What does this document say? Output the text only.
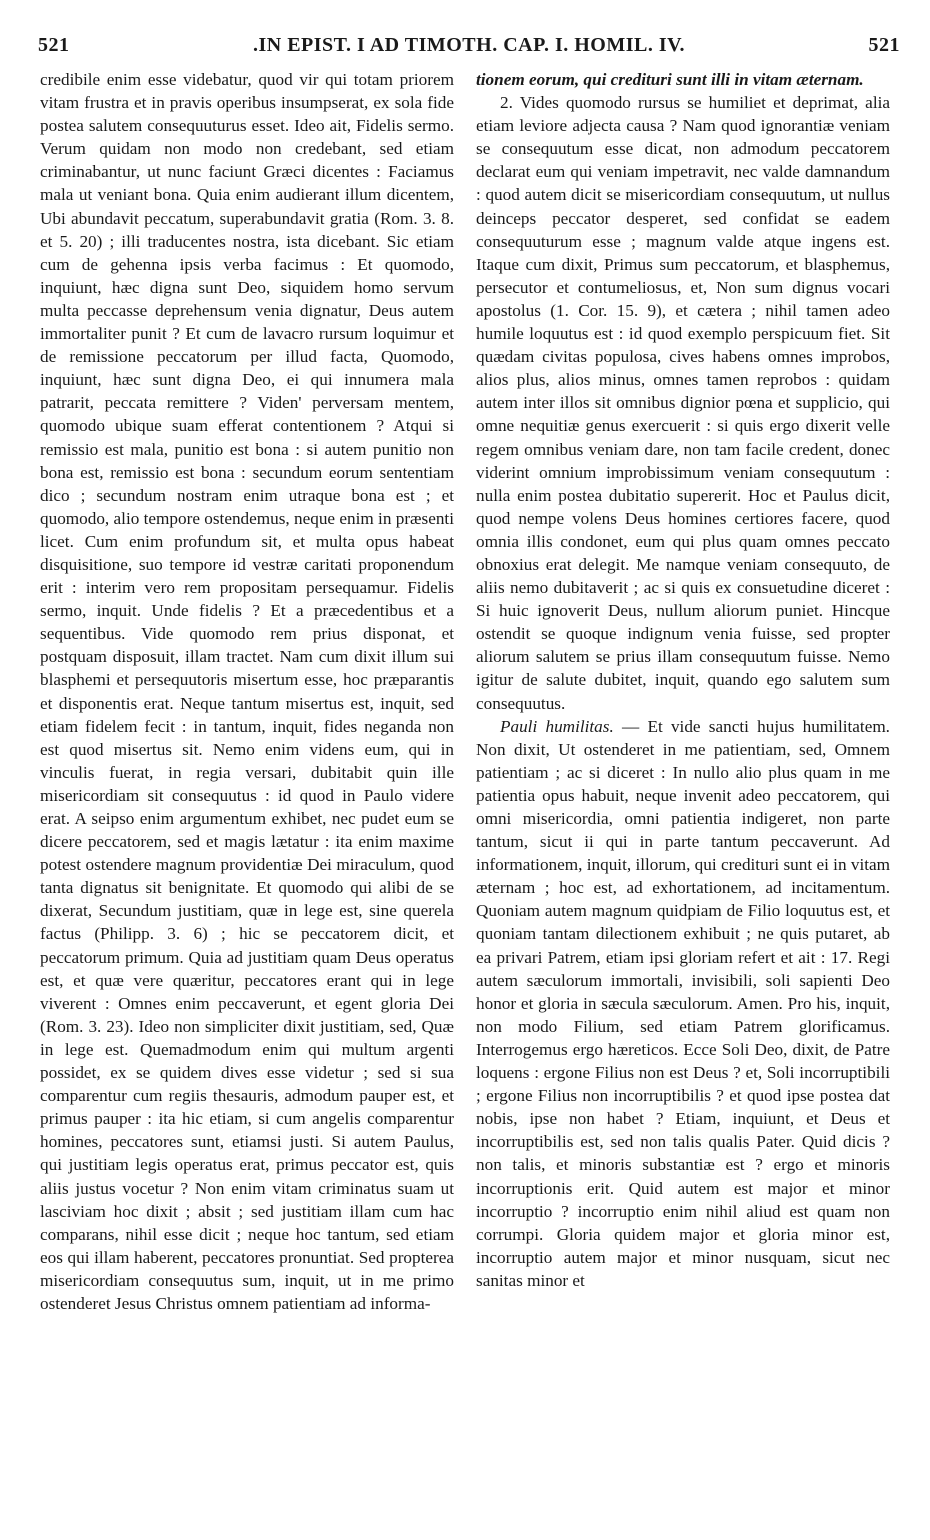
521	.IN EPIST. I AD TIMOTH. CAP. I. HOMIL. IV.	521

credibile enim esse videbatur, quod vir qui totam priorem vitam frustra et in pravis operibus insumpserat, ex sola fide postea salutem consequuturus esset. Ideo ait, Fidelis sermo. Verum quidam non modo non credebant, sed etiam criminabantur, ut nunc faciunt Græci dicentes : Faciamus mala ut veniant bona. Quia enim audierant illum dicentem, Ubi abundavit peccatum, superabundavit gratia (Rom. 3. 8. et 5. 20) ; illi traducentes nostra, ista dicebant. Sic etiam cum de gehenna ipsis verba facimus : Et quomodo, inquiunt, hæc digna sunt Deo, siquidem homo servum multa peccasse deprehensum venia dignatur, Deus autem immortaliter punit ? Et cum de lavacro rursum loquimur et de remissione peccatorum per illud facta, Quomodo, inquiunt, hæc sunt digna Deo, ei qui innumera mala patrarit, peccata remittere ? Viden' perversam mentem, quomodo ubique suam efferat contentionem ? Atqui si remissio est mala, punitio est bona : si autem punitio non bona est, remissio est bona : secundum eorum sententiam dico ; secundum nostram enim utraque bona est ; et quomodo, alio tempore ostendemus, neque enim in præsenti licet. Cum enim profundum sit, et multa opus habeat disquisitione, suo tempore id vestræ caritati proponendum erit : interim vero rem propositam persequamur. Fidelis sermo, inquit. Unde fidelis ? Et a præcedentibus et a sequentibus. Vide quomodo rem prius disponat, et postquam disposuit, illam tractet. Nam cum dixit illum sui blasphemi et persequutoris misertum esse, hoc præparantis et disponentis erat. Neque tantum misertus est, inquit, sed etiam fidelem fecit : in tantum, inquit, fides neganda non est quod misertus sit. Nemo enim videns eum, qui in vinculis fuerat, in regia versari, dubitabit quin ille misericordiam sit consequutus : id quod in Paulo videre erat. A seipso enim argumentum exhibet, nec pudet eum se dicere peccatorem, sed et magis lætatur : ita enim maxime potest ostendere magnum providentiæ Dei miraculum, quod tanta dignatus sit benignitate. Et quomodo qui alibi de se dixerat, Secundum justitiam, quæ in lege est, sine querela factus (Philipp. 3. 6) ; hic se peccatorem dicit, et peccatorum primum. Quia ad justitiam quam Deus operatus est, et quæ vere quæritur, peccatores erant qui in lege viverent : Omnes enim peccaverunt, et egent gloria Dei (Rom. 3. 23). Ideo non simpliciter dixit justitiam, sed, Quæ in lege est. Quemadmodum enim qui multum argenti possidet, ex se quidem dives esse videtur ; sed si sua comparentur cum regiis thesauris, admodum pauper est, et primus pauper : ita hic etiam, si cum angelis comparentur homines, peccatores sunt, etiamsi justi. Si autem Paulus, qui justitiam legis operatus erat, primus peccator est, quis aliis justus vocetur ? Non enim vitam criminatus suam ut lasciviam hoc dixit ; absit ; sed justitiam illam cum hac comparans, nihil esse dicit ; neque hoc tantum, sed etiam eos qui illam haberent, peccatores pronuntiat. Sed propterea misericordiam consequutus sum, inquit, ut in me primo ostenderet Jesus Christus omnem patientiam ad informa-

tionem eorum, qui credituri sunt illi in vitam æternam.

2. Vides quomodo rursus se humiliet et deprimat, alia etiam leviore adjecta causa ? Nam quod ignorantiæ veniam se consequutum esse dicat, non admodum peccatorem declarat eum qui veniam impetravit, nec valde damnandum : quod autem dicit se misericordiam consequutum, ut nullus deinceps peccator desperet, sed confidat se eadem consequuturum esse ; magnum valde atque ingens est. Itaque cum dixit, Primus sum peccatorum, et blasphemus, persecutor et contumeliosus, et, Non sum dignus vocari apostolus (1. Cor. 15. 9), et cætera ; nihil tamen adeo humile loquutus est : id quod exemplo perspicuum fiet. Sit quædam civitas populosa, cives habens omnes improbos, alios plus, alios minus, omnes tamen reprobos : quidam autem inter illos sit omnibus dignior pœna et supplicio, qui omne nequitiæ genus exercuerit : si quis ergo dixerit velle regem omnibus veniam dare, non tam facile credent, donec viderint omnium improbissimum veniam consequutum : nulla enim postea dubitatio supererit. Hoc et Paulus dicit, quod nempe volens Deus homines certiores facere, quod omnia illis condonet, eum qui plus quam omnes peccato obnoxius erat delegit. Me namque veniam consequuto, de aliis nemo dubitaverit ; ac si quis ex consuetudine diceret : Si huic ignoverit Deus, nullum aliorum puniet. Hincque ostendit se quoque indignum venia fuisse, sed propter aliorum salutem se prius illam consequutum fuisse. Nemo igitur de salute dubitet, inquit, quando ego salutem sum consequutus.

Pauli humilitas. — Et vide sancti hujus humilitatem. Non dixit, Ut ostenderet in me patientiam, sed, Omnem patientiam ; ac si diceret : In nullo alio plus quam in me patientia opus habuit, neque invenit adeo peccatorem, qui omni misericordia, omni patientia indigeret, non parte tantum, sicut ii qui in parte tantum peccaverunt. Ad informationem, inquit, illorum, qui credituri sunt ei in vitam æternam ; hoc est, ad exhortationem, ad incitamentum. Quoniam autem magnum quidpiam de Filio loquutus est, et quoniam tantam dilectionem exhibuit ; ne quis putaret, ab ea privari Patrem, etiam ipsi gloriam refert et ait : 17. Regi autem sæculorum immortali, invisibili, soli sapienti Deo honor et gloria in sæcula sæculorum. Amen. Pro his, inquit, non modo Filium, sed etiam Patrem glorificamus. Interrogemus ergo hæreticos. Ecce Soli Deo, dixit, de Patre loquens : ergone Filius non est Deus ? et, Soli incorruptibili ; ergone Filius non incorruptibilis ? et quod ipse postea dat nobis, ipse non habet ? Etiam, inquiunt, et Deus et incorruptibilis est, sed non talis qualis Pater. Quid dicis ? non talis, et minoris substantiæ est ? ergo et minoris incorruptionis erit. Quid autem est major et minor incorruptio ? incorruptio enim nihil aliud est quam non corrumpi. Gloria quidem major et gloria minor est, incorruptio autem major et minor nusquam, sicut nec sanitas minor et
